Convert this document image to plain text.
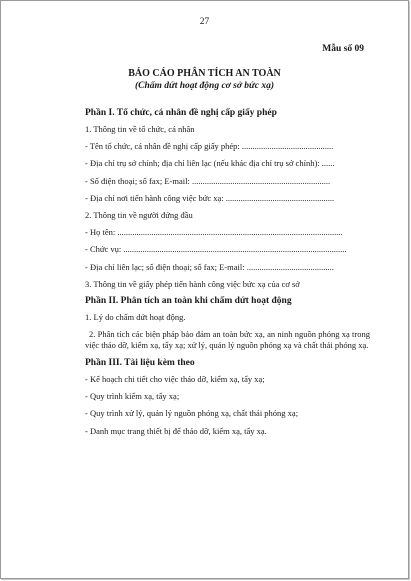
27
Mẫu số 09
BÁO CÁO PHÂN TÍCH AN TOÀN
(Chấm dứt hoạt động cơ sở bức xạ)
Phần I. Tổ chức, cá nhân đề nghị cấp giấy phép
1. Thông tin về tổ chức, cá nhân
- Tên tổ chức, cá nhân đề nghị cấp giấy phép: ...........................................
- Địa chỉ trụ sở chính; địa chỉ liên lạc (nếu khác địa chỉ trụ sở chính): ......
- Số điện thoại; số fax; E-mail: .................................................................
- Địa chỉ nơi tiến hành công việc bức xạ: ...................................................
2. Thông tin về người đứng đầu
- Họ tên: ..........................................................................................................
- Chức vụ: .........................................................................................................
- Địa chỉ liên lạc; số điện thoại; số fax; E-mail: .........................................
3. Thông tin về giấy phép tiến hành công việc bức xạ của cơ sở
Phần II. Phân tích an toàn khi chấm dứt hoạt động
1. Lý do chấm dứt hoạt động.
2. Phân tích các biện pháp bảo đảm an toàn bức xạ, an ninh nguồn phóng xạ trong việc tháo dỡ, kiểm xạ, tẩy xạ; xử lý, quản lý nguồn phóng xạ và chất thải phóng xạ.
Phần III. Tài liệu kèm theo
- Kế hoạch chi tiết cho việc tháo dỡ, kiểm xạ, tẩy xạ;
- Quy trình kiểm xạ, tẩy xạ;
- Quy trình xử lý, quản lý nguồn phóng xạ, chất thải phóng xạ;
- Danh mục trang thiết bị để tháo dỡ, kiểm xạ, tẩy xạ.
